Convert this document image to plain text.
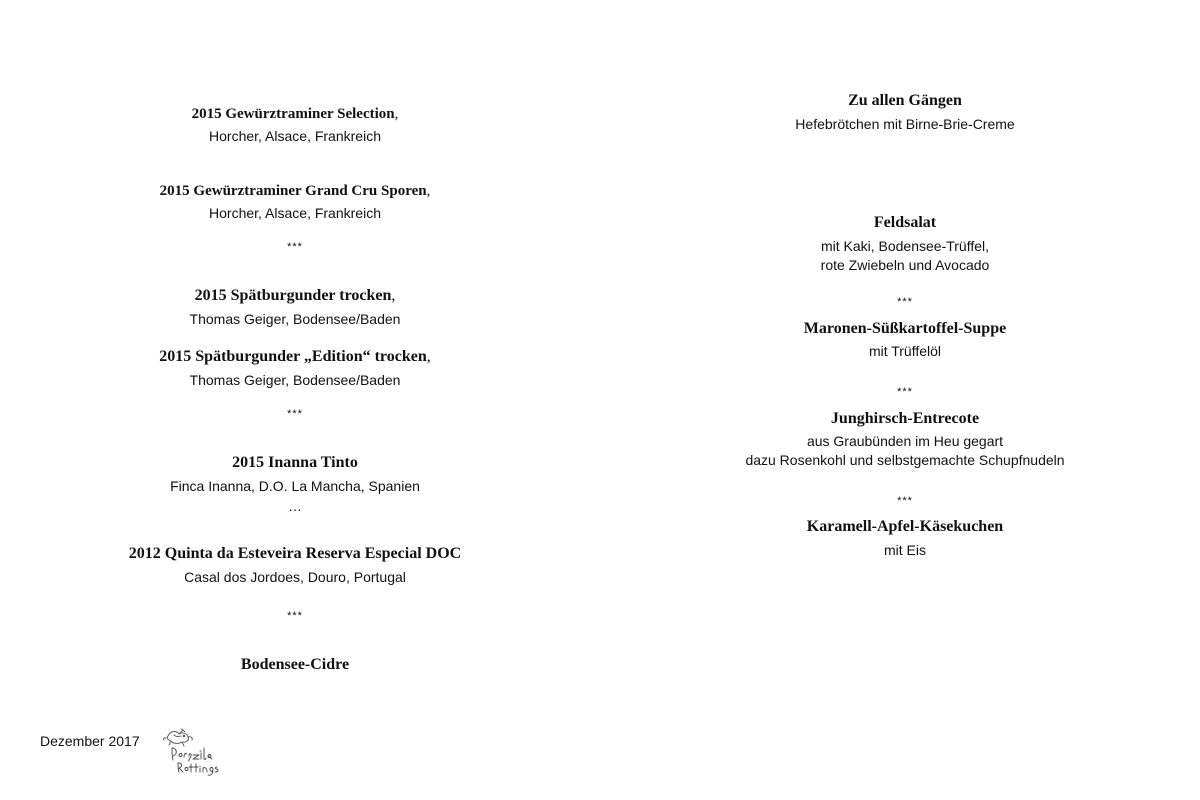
2015 Gewürztraminer Selection,
Horcher, Alsace, Frankreich
2015 Gewürztraminer Grand Cru Sporen,
Horcher, Alsace, Frankreich
***
2015 Spätburgunder trocken,
Thomas Geiger, Bodensee/Baden
2015 Spätburgunder „Edition“ trocken,
Thomas Geiger, Bodensee/Baden
***
2015 Inanna Tinto
Finca Inanna, D.O. La Mancha, Spanien
…
2012 Quinta da Esteveira Reserva Especial DOC
Casal dos Jordoes, Douro, Portugal
***
Bodensee-Cidre
Zu allen Gängen
Hefebrötchen mit Birne-Brie-Creme
Feldsalat
mit Kaki, Bodensee-Trüffel,
rote Zwiebeln und Avocado
***
Maronen-Süßkartoffel-Suppe
mit Trüffelöl
***
Junghirsch-Entrecote
aus Graubünden im Heu gegart
dazu Rosenkohl und selbstgemachte Schupfnudeln
***
Karamell-Apfel-Käsekuchen
mit Eis
Dezember 2017
